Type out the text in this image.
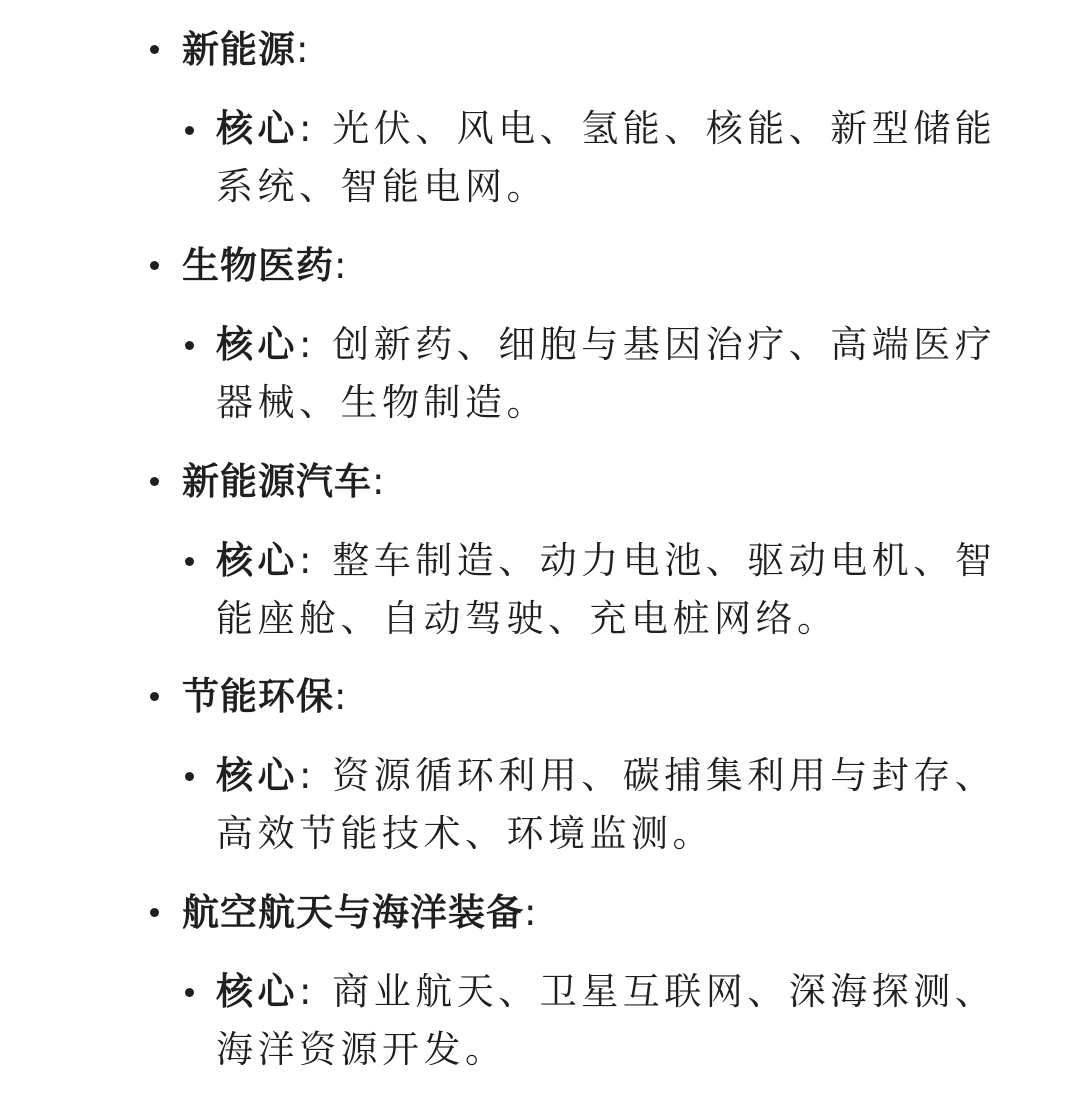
新能源:
核心: 光伏、风电、氢能、核能、新型储能系统、智能电网。
生物医药:
核心: 创新药、细胞与基因治疗、高端医疗器械、生物制造。
新能源汽车:
核心: 整车制造、动力电池、驱动电机、智能座舱、自动驾驶、充电桩网络。
节能环保:
核心: 资源循环利用、碳捕集利用与封存、高效节能技术、环境监测。
航空航天与海洋装备:
核心: 商业航天、卫星互联网、深海探测、海洋资源开发。
